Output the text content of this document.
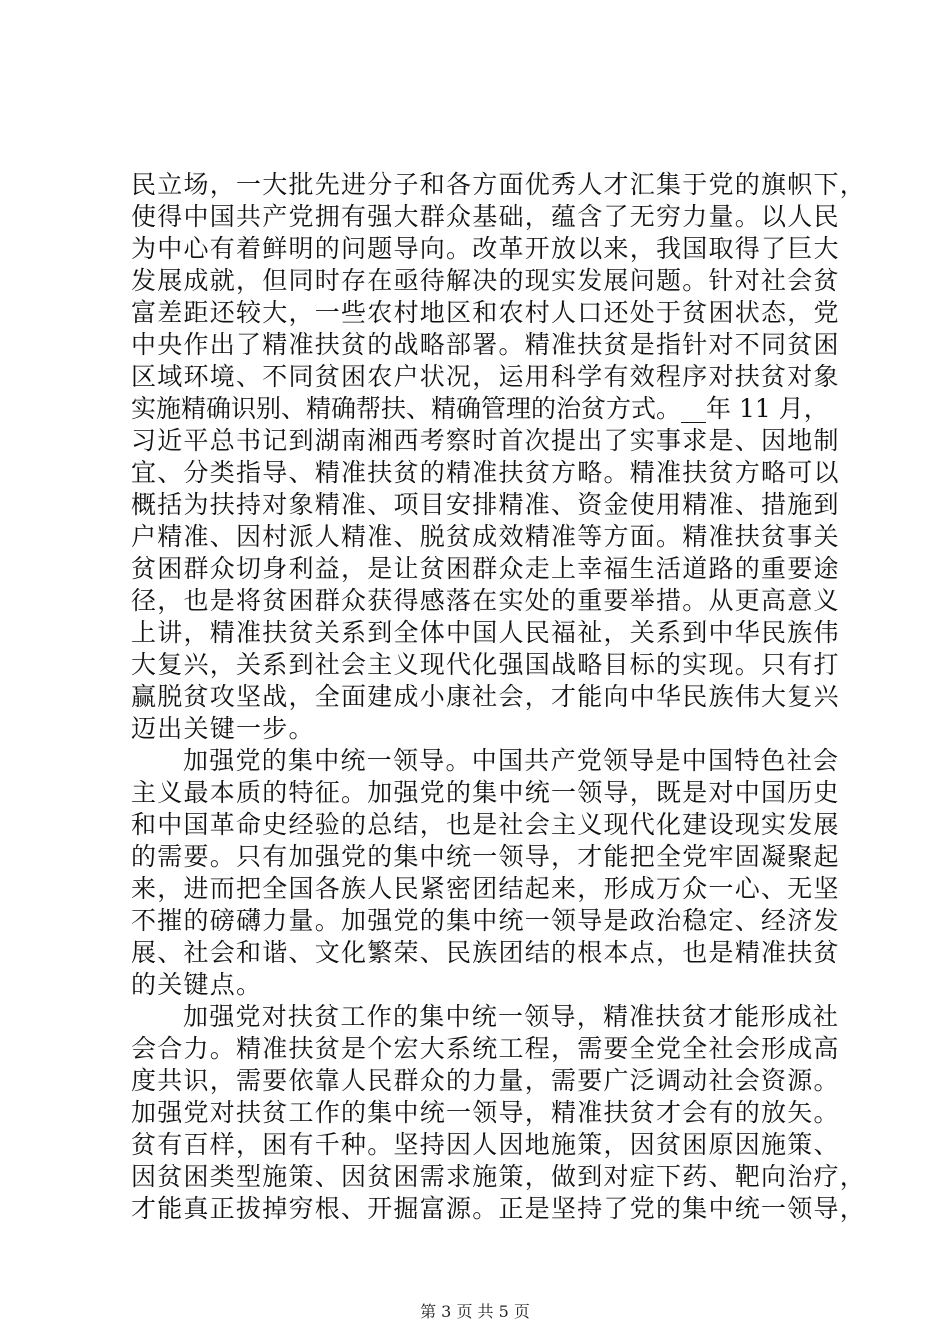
民立场，一大批先进分子和各方面优秀人才汇集于党的旗帜下，
使得中国共产党拥有强大群众基础，蕴含了无穷力量。以人民
为中心有着鲜明的问题导向。改革开放以来，我国取得了巨大
发展成就，但同时存在亟待解决的现实发展问题。针对社会贫
富差距还较大，一些农村地区和农村人口还处于贫困状态，党
中央作出了精准扶贫的战略部署。精准扶贫是指针对不同贫困
区域环境、不同贫困农户状况，运用科学有效程序对扶贫对象
实施精确识别、精确帮扶、精确管理的治贫方式。__年 11 月，
习近平总书记到湖南湘西考察时首次提出了实事求是、因地制
宜、分类指导、精准扶贫的精准扶贫方略。精准扶贫方略可以
概括为扶持对象精准、项目安排精准、资金使用精准、措施到
户精准、因村派人精准、脱贫成效精准等方面。精准扶贫事关
贫困群众切身利益，是让贫困群众走上幸福生活道路的重要途
径，也是将贫困群众获得感落在实处的重要举措。从更高意义
上讲，精准扶贫关系到全体中国人民福祉，关系到中华民族伟
大复兴，关系到社会主义现代化强国战略目标的实现。只有打
赢脱贫攻坚战，全面建成小康社会，才能向中华民族伟大复兴
迈出关键一步。
加强党的集中统一领导。中国共产党领导是中国特色社会
主义最本质的特征。加强党的集中统一领导，既是对中国历史
和中国革命史经验的总结，也是社会主义现代化建设现实发展
的需要。只有加强党的集中统一领导，才能把全党牢固凝聚起
来，进而把全国各族人民紧密团结起来，形成万众一心、无坚
不摧的磅礴力量。加强党的集中统一领导是政治稳定、经济发
展、社会和谐、文化繁荣、民族团结的根本点，也是精准扶贫
的关键点。
加强党对扶贫工作的集中统一领导，精准扶贫才能形成社
会合力。精准扶贫是个宏大系统工程，需要全党全社会形成高
度共识，需要依靠人民群众的力量，需要广泛调动社会资源。
加强党对扶贫工作的集中统一领导，精准扶贫才会有的放矢。
贫有百样，困有千种。坚持因人因地施策，因贫困原因施策、
因贫困类型施策、因贫困需求施策，做到对症下药、靶向治疗，
才能真正拔掉穷根、开掘富源。正是坚持了党的集中统一领导，
第 3 页 共 5 页
